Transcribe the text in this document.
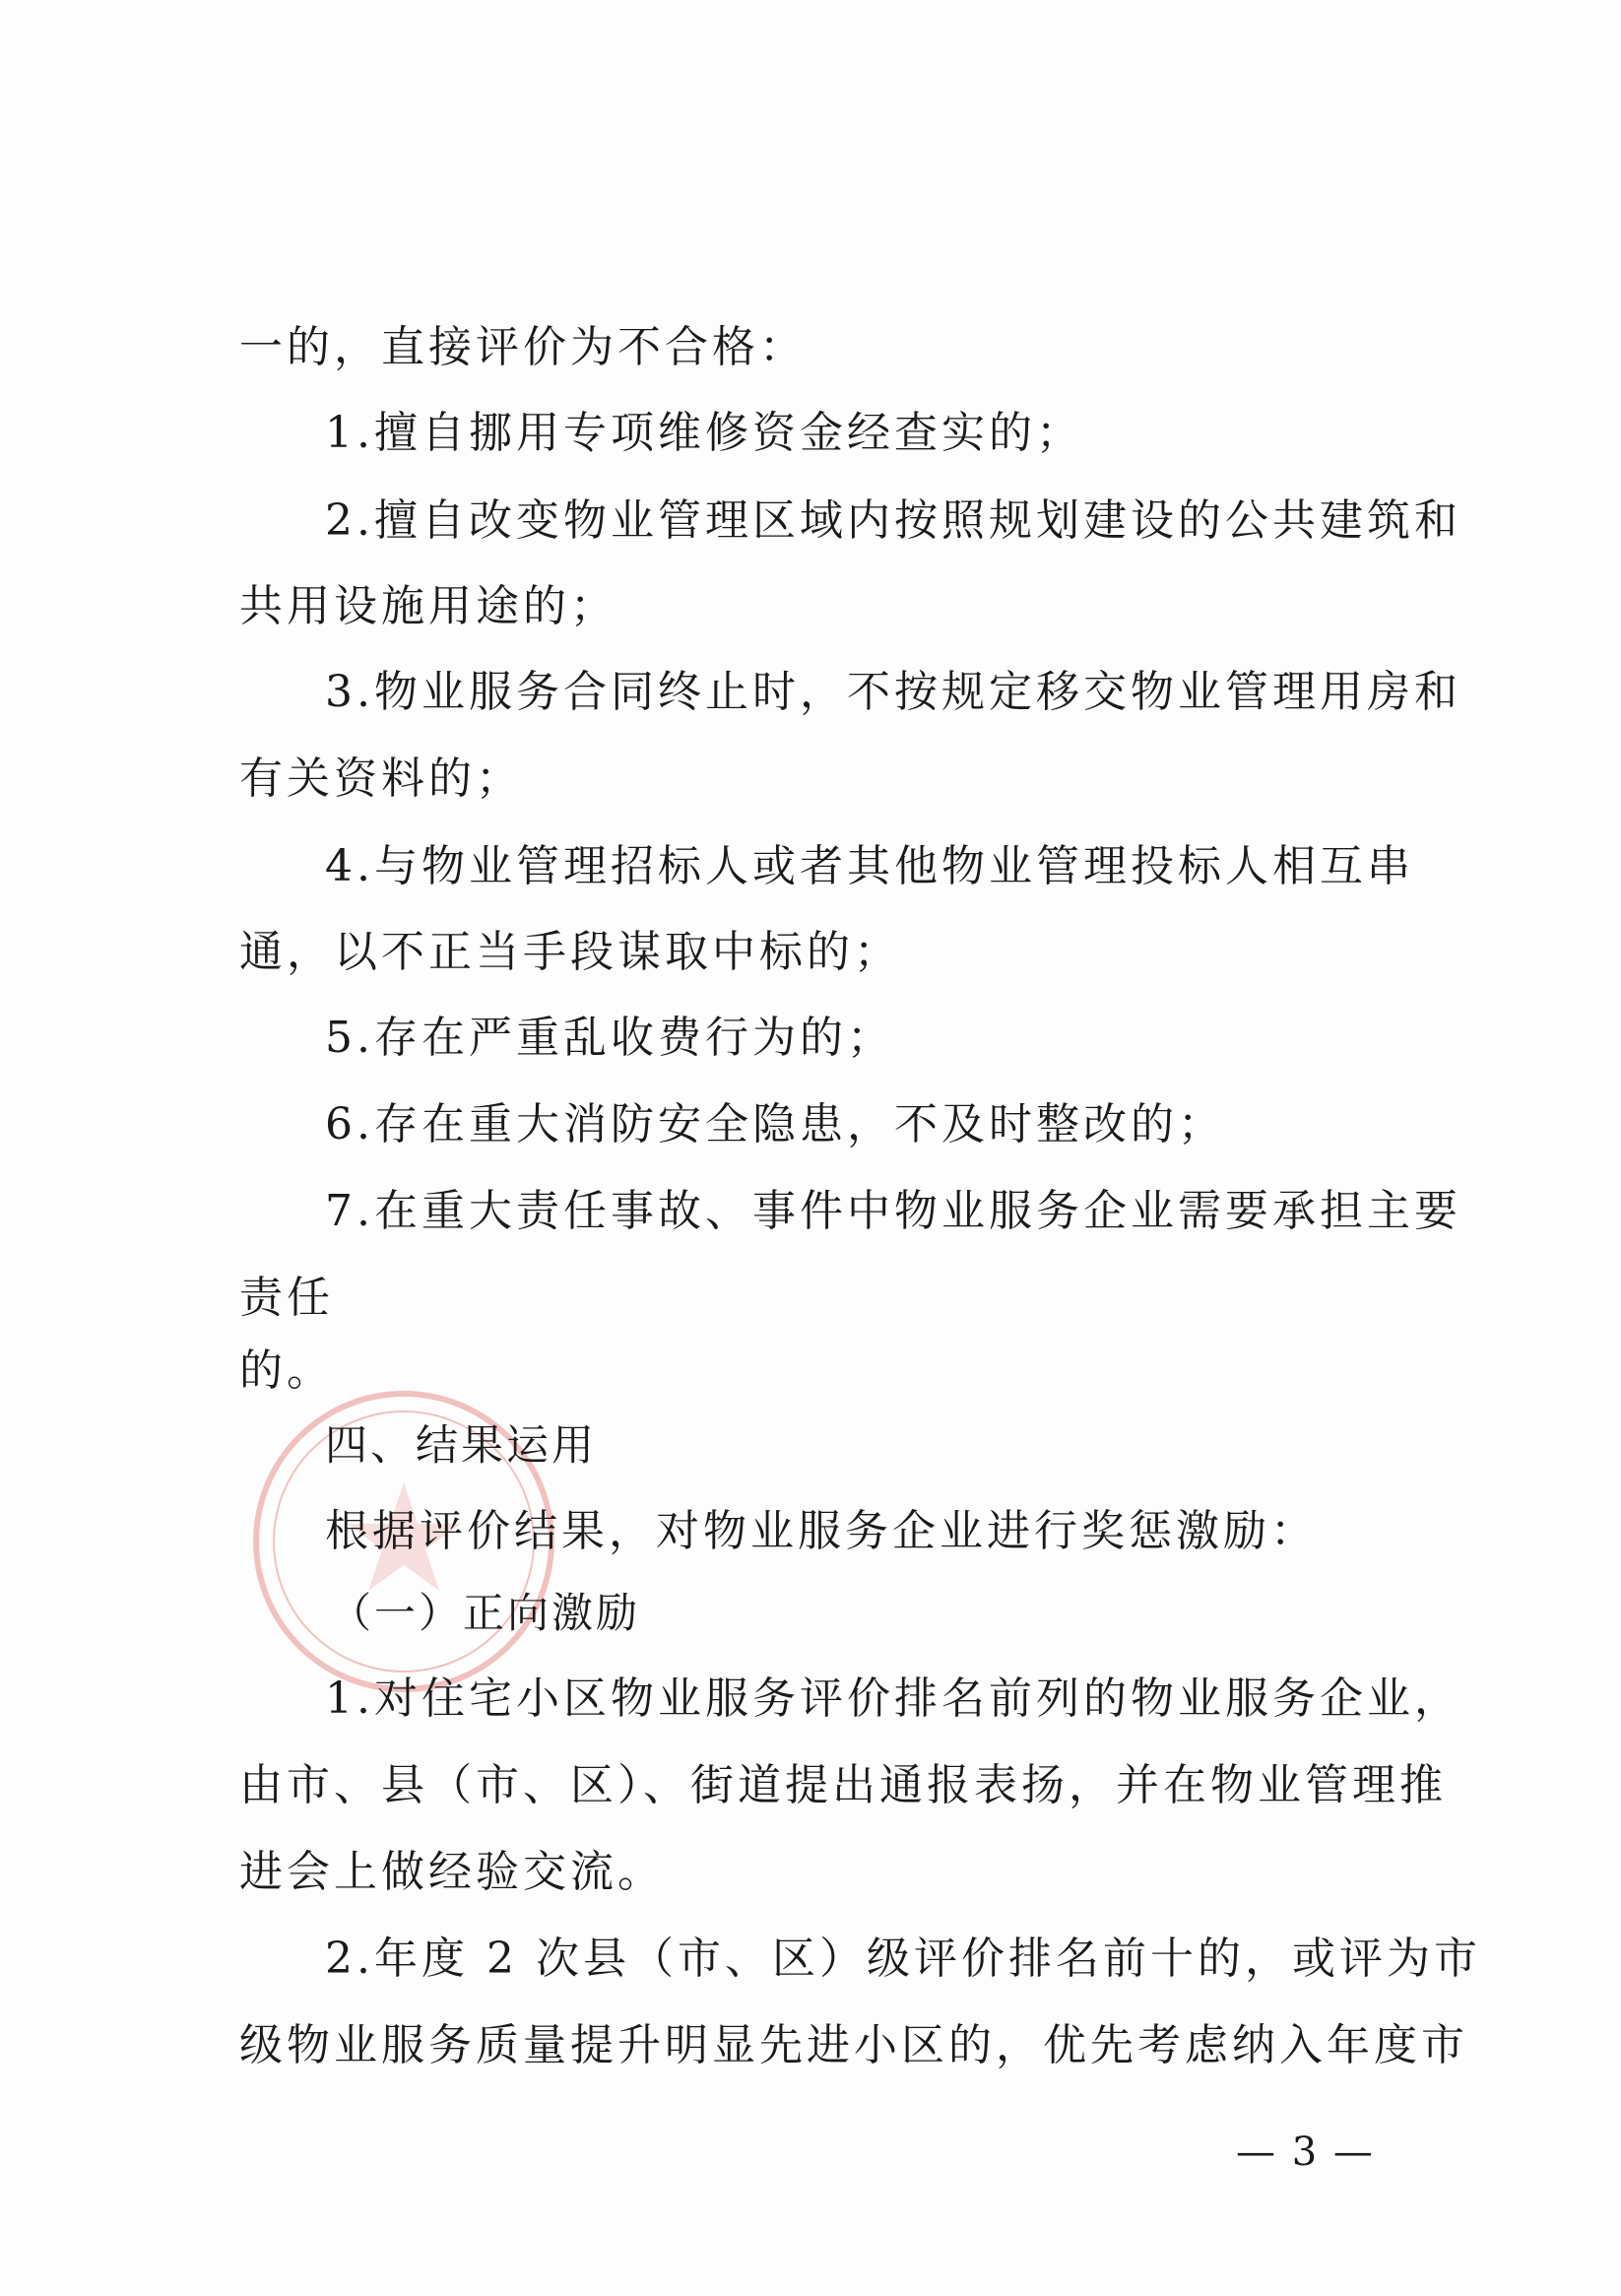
一的，直接评价为不合格：
1.擅自挪用专项维修资金经查实的；
2.擅自改变物业管理区域内按照规划建设的公共建筑和
共用设施用途的；
3.物业服务合同终止时，不按规定移交物业管理用房和
有关资料的；
4.与物业管理招标人或者其他物业管理投标人相互串
通，以不正当手段谋取中标的；
5.存在严重乱收费行为的；
6.存在重大消防安全隐患，不及时整改的；
7.在重大责任事故、事件中物业服务企业需要承担主要
责任
的。
四、结果运用
根据评价结果，对物业服务企业进行奖惩激励：
（一）正向激励
1.对住宅小区物业服务评价排名前列的物业服务企业，
由市、县（市、区）、街道提出通报表扬，并在物业管理推
进会上做经验交流。
2.年度 2 次县（市、区）级评价排名前十的，或评为市
级物业服务质量提升明显先进小区的，优先考虑纳入年度市
— 3 —
